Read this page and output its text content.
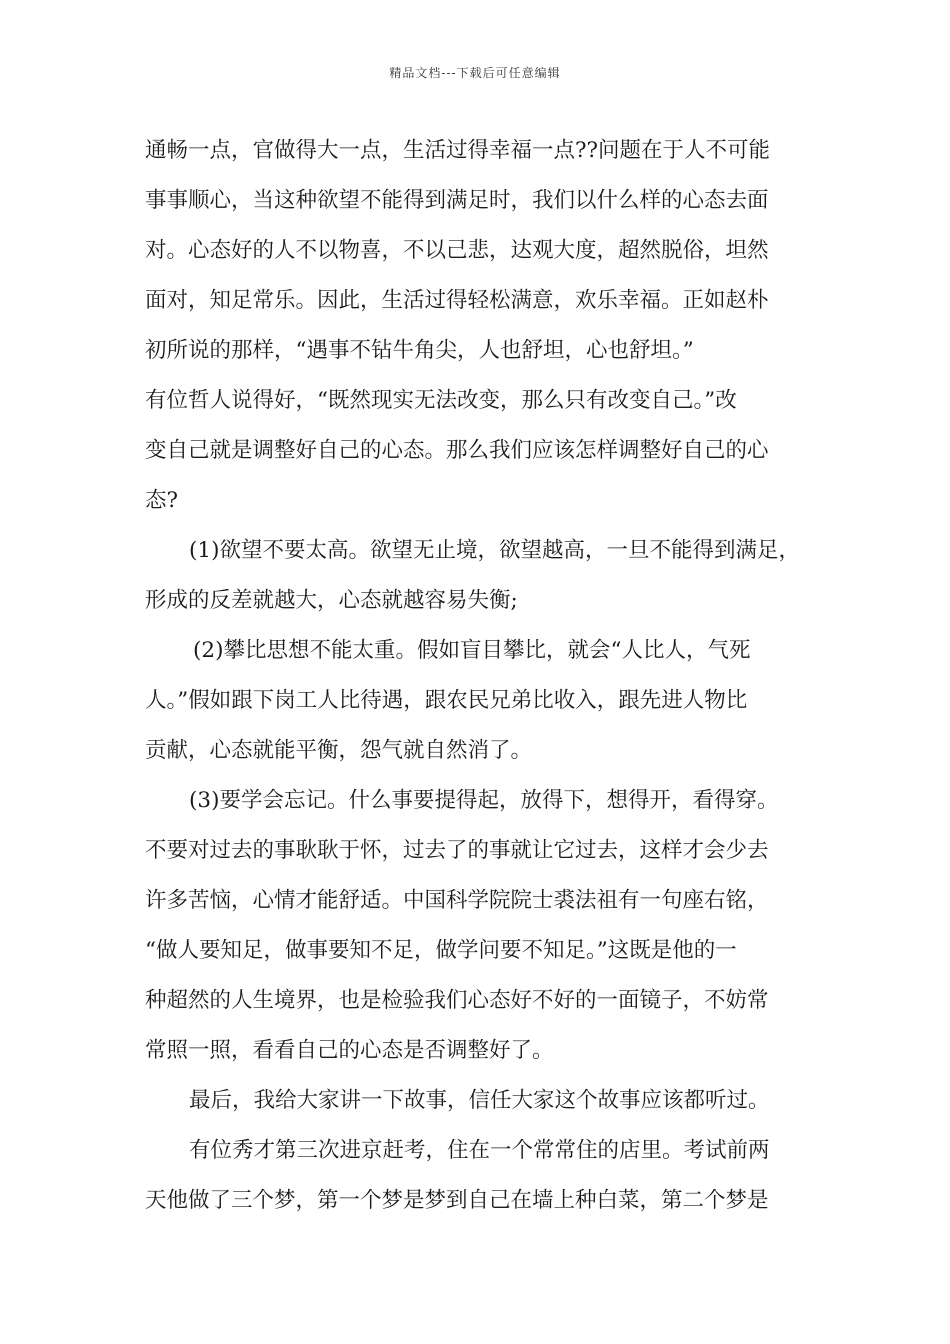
精品文档---下载后可任意编辑
通畅一点，官做得大一点，生活过得幸福一点??问题在于人不可能
事事顺心，当这种欲望不能得到满足时，我们以什么样的心态去面
对。心态好的人不以物喜，不以己悲，达观大度，超然脱俗，坦然
面对，知足常乐。因此，生活过得轻松满意，欢乐幸福。正如赵朴
初所说的那样，“遇事不钻牛角尖，人也舒坦，心也舒坦。”
有位哲人说得好，“既然现实无法改变，那么只有改变自己。”改
变自己就是调整好自己的心态。那么我们应该怎样调整好自己的心
态?
(1)欲望不要太高。欲望无止境，欲望越高，一旦不能得到满足，
形成的反差就越大，心态就越容易失衡;
(2)攀比思想不能太重。假如盲目攀比，就会“人比人，气死
人。”假如跟下岗工人比待遇，跟农民兄弟比收入，跟先进人物比
贡献，心态就能平衡，怨气就自然消了。
(3)要学会忘记。什么事要提得起，放得下，想得开，看得穿。
不要对过去的事耿耿于怀，过去了的事就让它过去，这样才会少去
许多苦恼，心情才能舒适。中国科学院院士裘法祖有一句座右铭，
“做人要知足，做事要知不足，做学问要不知足。”这既是他的一
种超然的人生境界，也是检验我们心态好不好的一面镜子，不妨常
常照一照，看看自己的心态是否调整好了。
最后，我给大家讲一下故事，信任大家这个故事应该都听过。
有位秀才第三次进京赶考，住在一个常常住的店里。考试前两
天他做了三个梦，第一个梦是梦到自己在墙上种白菜，第二个梦是
